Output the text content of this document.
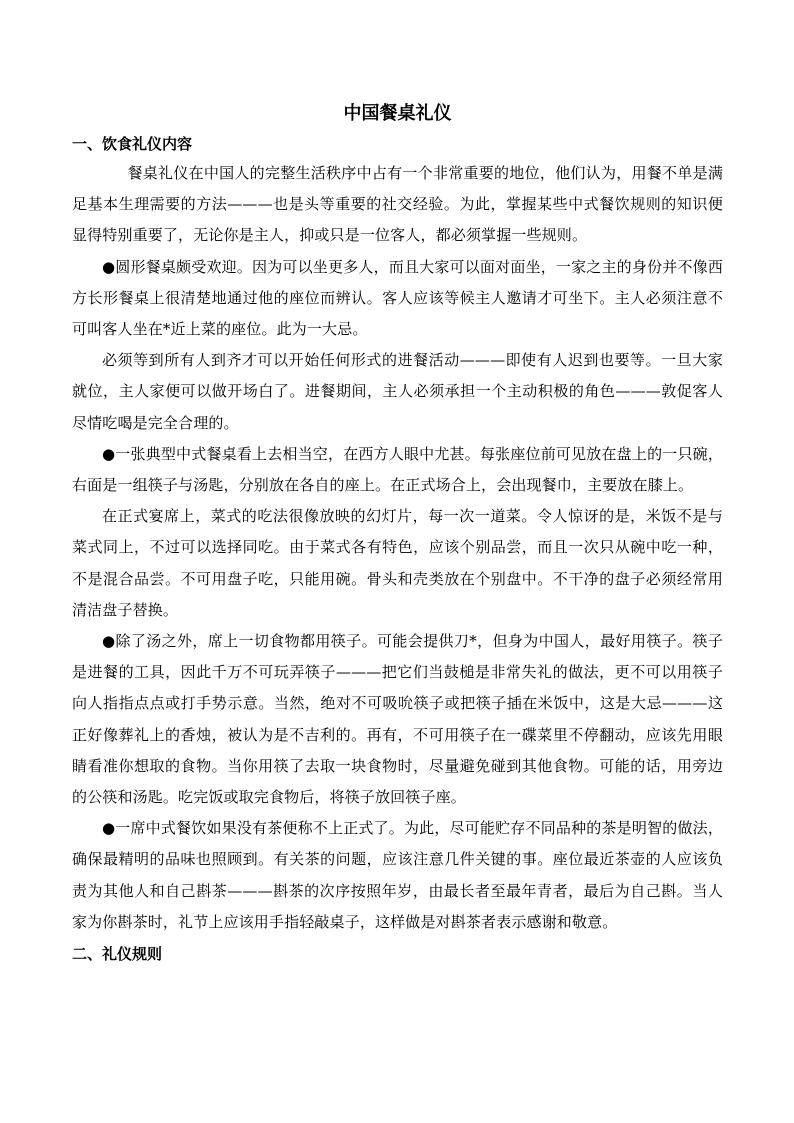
中国餐桌礼仪
一、饮食礼仪内容

餐桌礼仪在中国人的完整生活秩序中占有一个非常重要的地位，他们认为，用餐不单是满足基本生理需要的方法———也是头等重要的社交经验。为此，掌握某些中式餐饮规则的知识便显得特别重要了，无论你是主人，抑或只是一位客人，都必须掌握一些规则。

●圆形餐桌颇受欢迎。因为可以坐更多人，而且大家可以面对面坐，一家之主的身份并不像西方长形餐桌上很清楚地通过他的座位而辨认。客人应该等候主人邀请才可坐下。主人必须注意不可叫客人坐在*近上菜的座位。此为一大忌。

必须等到所有人到齐才可以开始任何形式的进餐活动———即使有人迟到也要等。一旦大家就位，主人家便可以做开场白了。进餐期间，主人必须承担一个主动积极的角色———敦促客人尽情吃喝是完全合理的。

●一张典型中式餐桌看上去相当空，在西方人眼中尤甚。每张座位前可见放在盘上的一只碗，右面是一组筷子与汤匙，分别放在各自的座上。在正式场合上，会出现餐巾，主要放在膝上。

在正式宴席上，菜式的吃法很像放映的幻灯片，每一次一道菜。令人惊讶的是，米饭不是与菜式同上，不过可以选择同吃。由于菜式各有特色，应该个别品尝，而且一次只从碗中吃一种，不是混合品尝。不可用盘子吃，只能用碗。骨头和壳类放在个别盘中。不干净的盘子必须经常用清洁盘子替换。

●除了汤之外，席上一切食物都用筷子。可能会提供刀*，但身为中国人，最好用筷子。筷子是进餐的工具，因此千万不可玩弄筷子———把它们当鼓槌是非常失礼的做法，更不可以用筷子向人指指点点或打手势示意。当然，绝对不可吸吮筷子或把筷子插在米饭中，这是大忌———这正好像葬礼上的香烛，被认为是不吉利的。再有，不可用筷子在一碟菜里不停翻动，应该先用眼睛看准你想取的食物。当你用筷了去取一块食物时，尽量避免碰到其他食物。可能的话，用旁边的公筷和汤匙。吃完饭或取完食物后，将筷子放回筷子座。

●一席中式餐饮如果没有茶便称不上正式了。为此，尽可能贮存不同品种的茶是明智的做法，确保最精明的品味也照顾到。有关茶的问题，应该注意几件关键的事。座位最近茶壶的人应该负责为其他人和自己斟茶———斟茶的次序按照年岁，由最长者至最年青者，最后为自己斟。当人家为你斟茶时，礼节上应该用手指轻敲桌子，这样做是对斟茶者表示感谢和敬意。

二、礼仪规则
